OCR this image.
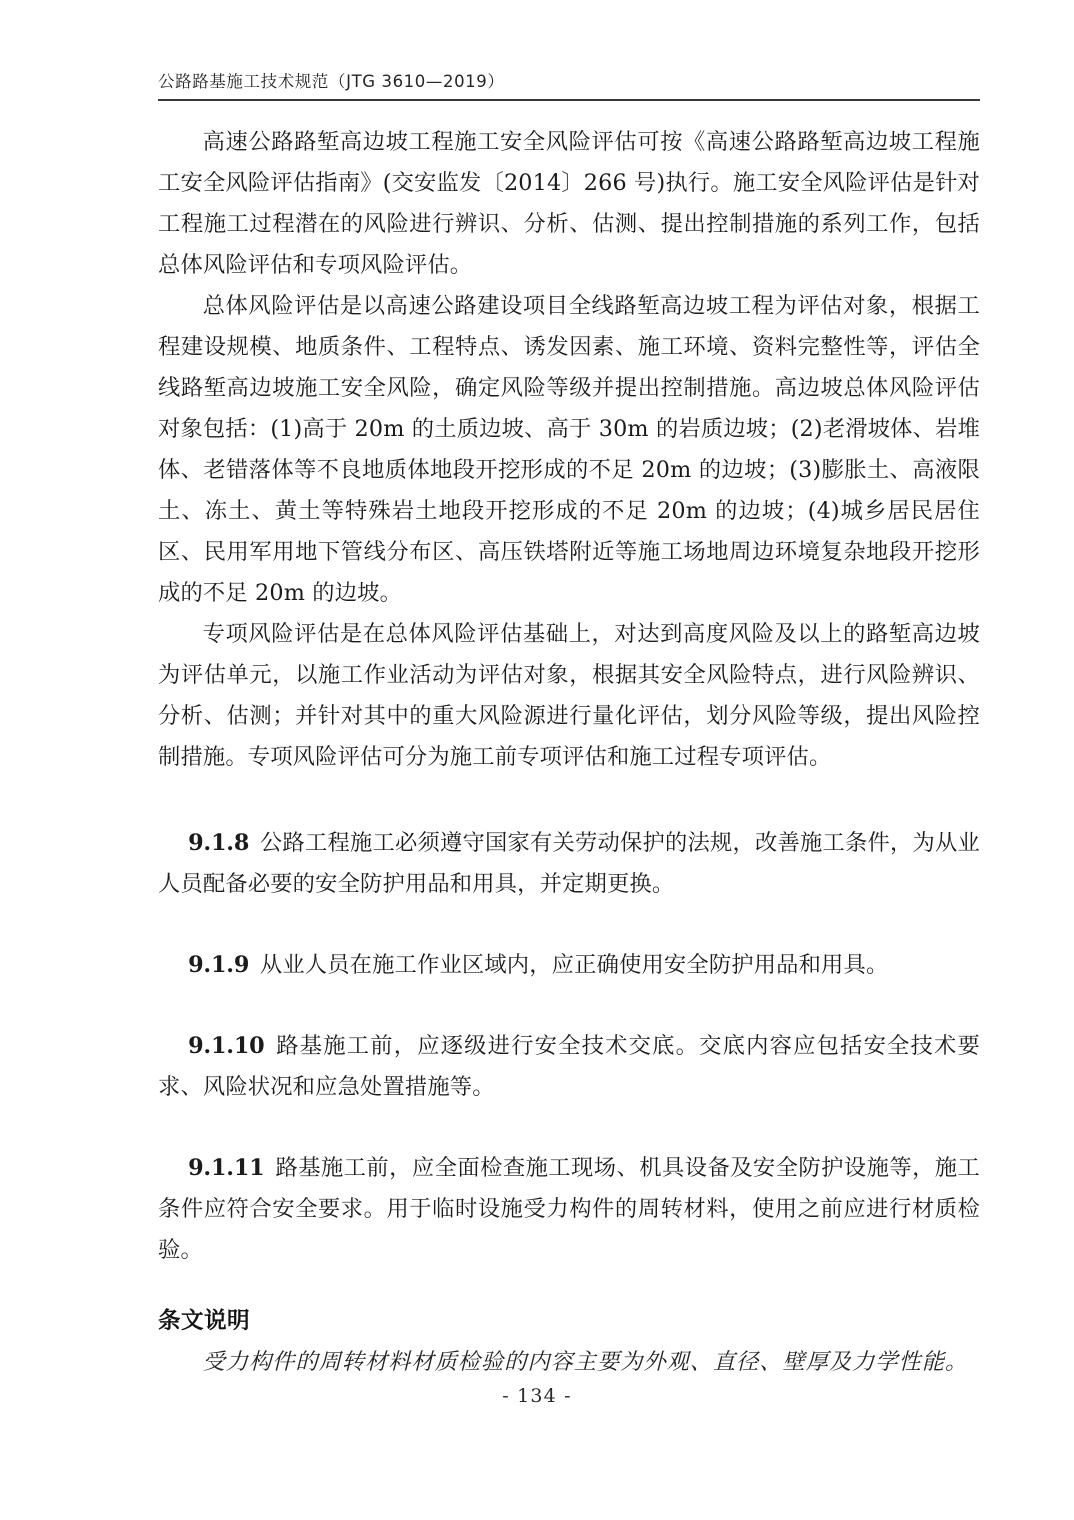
公路路基施工技术规范（JTG 3610—2019）

高速公路路堑高边坡工程施工安全风险评估可按《高速公路路堑高边坡工程施工安全风险评估指南》(交安监发〔2014〕266 号)执行。施工安全风险评估是针对工程施工过程潜在的风险进行辨识、分析、估测、提出控制措施的系列工作，包括总体风险评估和专项风险评估。

总体风险评估是以高速公路建设项目全线路堑高边坡工程为评估对象，根据工程建设规模、地质条件、工程特点、诱发因素、施工环境、资料完整性等，评估全线路堑高边坡施工安全风险，确定风险等级并提出控制措施。高边坡总体风险评估对象包括：(1)高于 20m 的土质边坡、高于 30m 的岩质边坡；(2)老滑坡体、岩堆体、老错落体等不良地质体地段开挖形成的不足 20m 的边坡；(3)膨胀土、高液限土、冻土、黄土等特殊岩土地段开挖形成的不足 20m 的边坡；(4)城乡居民居住区、民用军用地下管线分布区、高压铁塔附近等施工场地周边环境复杂地段开挖形成的不足 20m 的边坡。

专项风险评估是在总体风险评估基础上，对达到高度风险及以上的路堑高边坡为评估单元，以施工作业活动为评估对象，根据其安全风险特点，进行风险辨识、分析、估测；并针对其中的重大风险源进行量化评估，划分风险等级，提出风险控制措施。专项风险评估可分为施工前专项评估和施工过程专项评估。

9.1.8 公路工程施工必须遵守国家有关劳动保护的法规，改善施工条件，为从业人员配备必要的安全防护用品和用具，并定期更换。

9.1.9 从业人员在施工作业区域内，应正确使用安全防护用品和用具。

9.1.10 路基施工前，应逐级进行安全技术交底。交底内容应包括安全技术要求、风险状况和应急处置措施等。

9.1.11 路基施工前，应全面检查施工现场、机具设备及安全防护设施等，施工条件应符合安全要求。用于临时设施受力构件的周转材料，使用之前应进行材质检验。

条文说明

受力构件的周转材料材质检验的内容主要为外观、直径、壁厚及力学性能。

- 134 -
